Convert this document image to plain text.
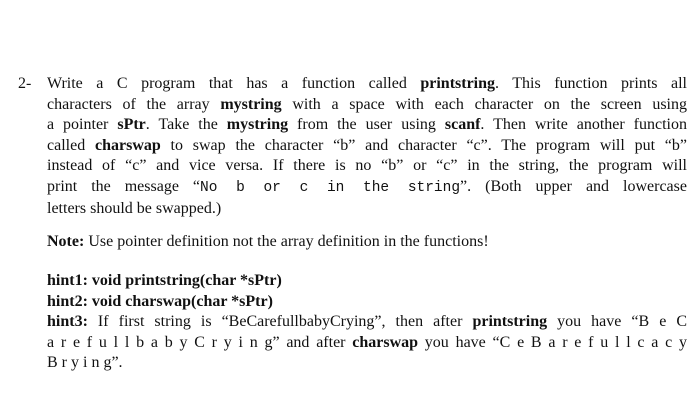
2- Write a C program that has a function called printstring. This function prints all
characters of the array mystring with a space with each character on the screen using
a pointer sPtr. Take the mystring from the user using scanf. Then write another function
called charswap to swap the character “b” and character “c”. The program will put “b”
instead of “c” and vice versa. If there is no “b” or “c” in the string, the program will
print the message “No b or c in the string”. (Both upper and lowercase
letters should be swapped.)
Note: Use pointer definition not the array definition in the functions!
hint1: void printstring(char *sPtr)
hint2: void charswap(char *sPtr)
hint3: If first string is “BeCarefullbabyCrying”, then after printstring you have “B e C
a r e f u l l b a b y C r y i n g” and after charswap you have “C e B a r e f u l l c a c y
B r y i n g”.
